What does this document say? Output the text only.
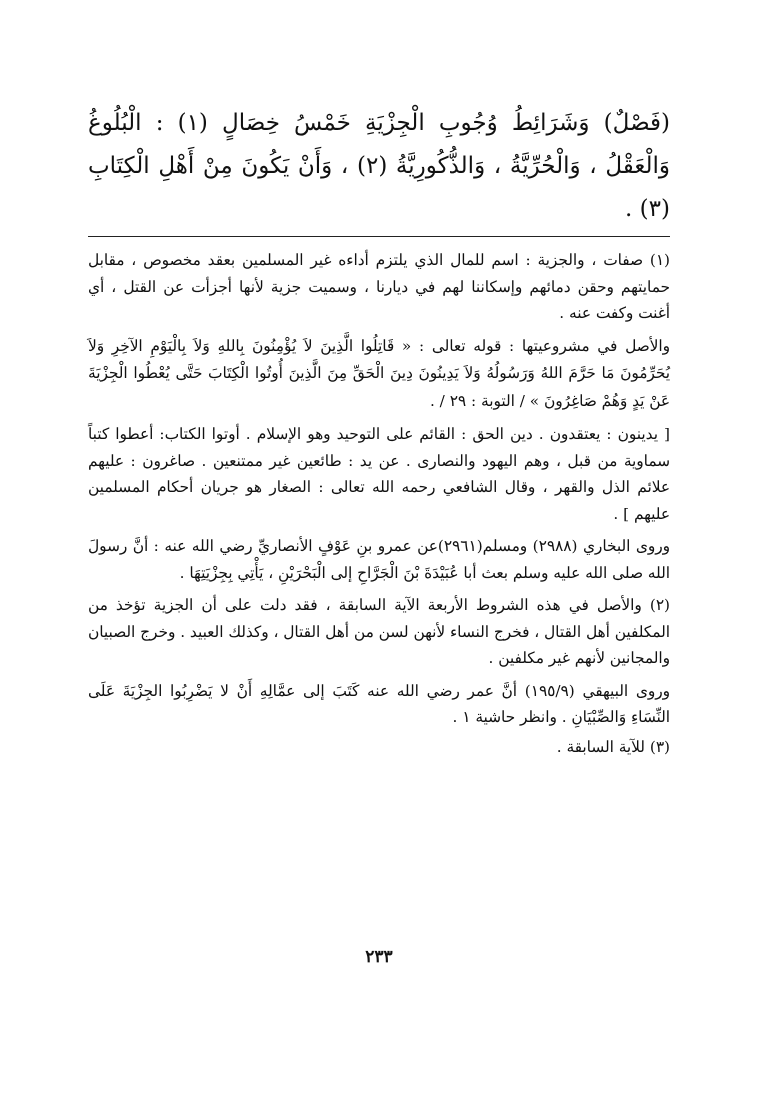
(فَصْلٌ) وَشَرَائِطُ وُجُوبِ الْجِزْيَةِ خَمْسُ خِصَالٍ (١) : الْبُلُوغُ وَالْعَقْلُ ، وَالْحُرِّيَّةُ ، وَالذُّكُورِيَّةُ (٢) ، وَأَنْ يَكُونَ مِنْ أَهْلِ الْكِتَابِ (٣) .

(١) صفات ، والجزية : اسم للمال الذي يلتزم أداءه غير المسلمين بعقد مخصوص ، مقابل حمايتهم وحقن دمائهم وإسكاننا لهم في ديارنا ، وسميت جزية لأنها أجزأت عن القتل ، أي أغنت وكفت عنه .

والأصل في مشروعيتها : قوله تعالى : « قَاتِلُوا الَّذِينَ لاَ يُؤْمِنُونَ بِاللهِ وَلاَ بِالْيَوْمِ الآخِرِ وَلاَ يُحَرِّمُونَ مَا حَرَّمَ اللهُ وَرَسُولُهُ وَلاَ يَدِينُونَ دِينَ الْحَقِّ مِنَ الَّذِينَ أُوتُوا الْكِتَابَ حَتَّى يُعْطُوا الْجِزْيَةَ عَنْ يَدٍ وَهُمْ صَاغِرُونَ » / التوبة : ٢٩ / .

[ يدينون : يعتقدون . دين الحق : القائم على التوحيد وهو الإسلام . أوتوا الكتاب: أعطوا كتباً سماوية من قبل ، وهم اليهود والنصارى . عن يد : طائعين غير ممتنعين . صاغرون : عليهم علائم الذل والقهر ، وقال الشافعي رحمه الله تعالى : الصغار هو جريان أحكام المسلمين عليهم ] .

وروى البخاري (٢٩٨٨) ومسلم(٢٩٦١)عن عمرو بنِ عَوْفٍ الأنصاريِّ رضي الله عنه : أنَّ رسولَ الله صلى الله عليه وسلم بعث أبا عُبَيْدَةَ بْنَ الْجَرَّاحِ إلى الْبَحْرَيْنِ ، يَأْتِي بِجِزْيَتِهَا .

(٢) والأصل في هذه الشروط الأربعة الآية السابقة ، فقد دلت على أن الجزية تؤخذ من المكلفين أهل القتال ، فخرج النساء لأنهن لسن من أهل القتال ، وكذلك العبيد . وخرج الصبيان والمجانين لأنهم غير مكلفين .

وروى البيهقي (١٩٥/٩) أنَّ عمر رضي الله عنه كَتَبَ إلى عمَّالِهِ أَنْ لا يَضْرِبُوا الجِزْيَةَ عَلَى النِّسَاءِ وَالصِّبْيَانِ . وانظر حاشية ١ .

(٣) للآية السابقة .

٢٣٣
